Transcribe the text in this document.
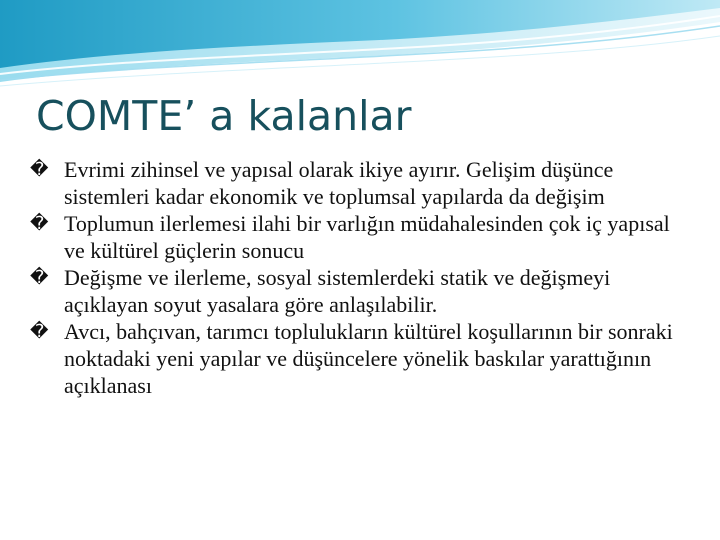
COMTE’ a kalanlar
� Evrimi zihinsel ve yapısal olarak ikiye ayırır. Gelişim düşünce sistemleri kadar ekonomik ve toplumsal yapılarda da değişim
� Toplumun ilerlemesi ilahi bir varlığın müdahalesinden çok iç yapısal ve kültürel güçlerin sonucu
� Değişme ve ilerleme, sosyal sistemlerdeki statik ve değişmeyi açıklayan soyut yasalara göre anlaşılabilir.
� Avcı, bahçıvan, tarımcı toplulukların kültürel koşullarının bir sonraki noktadaki yeni yapılar ve düşüncelere yönelik baskılar yarattığının açıklanası
